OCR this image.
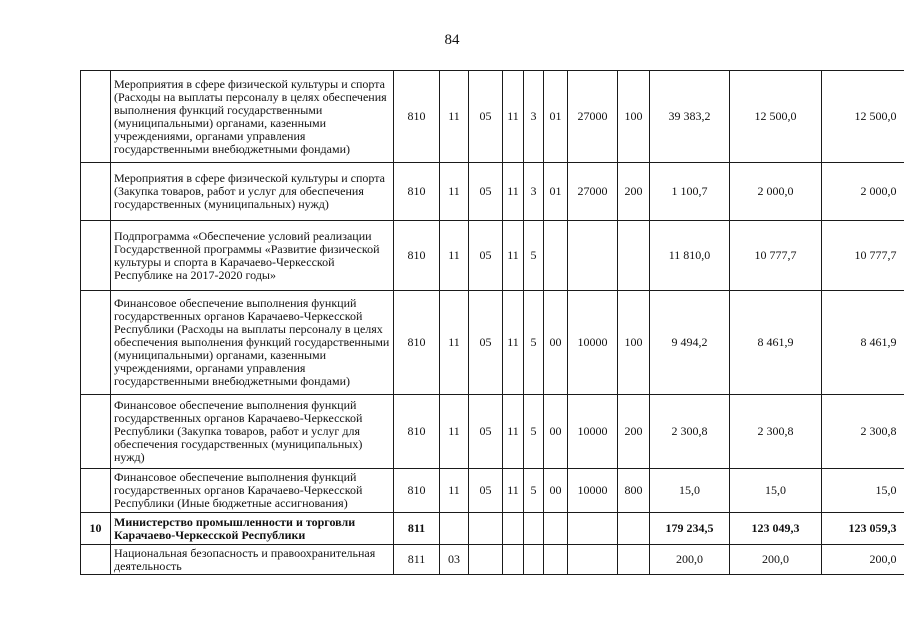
84
	Мероприятия в сфере физической культуры и спорта (Расходы на выплаты персоналу в целях обеспечения выполнения функций государственными (муниципальными) органами, казенными учреждениями, органами управления государственными внебюджетными фондами)	810	11	05	11	3	01	27000	100	39 383,2	12 500,0	12 500,0
	Мероприятия в сфере физической культуры и спорта (Закупка товаров, работ и услуг для обеспечения государственных (муниципальных) нужд)	810	11	05	11	3	01	27000	200	1 100,7	2 000,0	2 000,0
	Подпрограмма «Обеспечение условий реализации Государственной программы «Развитие физической культуры и спорта в Карачаево-Черкесской Республике на 2017-2020 годы»	810	11	05	11	5				11 810,0	10 777,7	10 777,7
	Финансовое обеспечение выполнения функций государственных органов Карачаево-Черкесской Республики (Расходы на выплаты персоналу в целях обеспечения выполнения функций государственными (муниципальными) органами, казенными учреждениями, органами управления государственными внебюджетными фондами)	810	11	05	11	5	00	10000	100	9 494,2	8 461,9	8 461,9
	Финансовое обеспечение выполнения функций государственных органов Карачаево-Черкесской Республики (Закупка товаров, работ и услуг для обеспечения государственных (муниципальных) нужд)	810	11	05	11	5	00	10000	200	2 300,8	2 300,8	2 300,8
	Финансовое обеспечение выполнения функций государственных органов Карачаево-Черкесской Республики (Иные бюджетные ассигнования)	810	11	05	11	5	00	10000	800	15,0	15,0	15,0
10	Министерство промышленности и торговли Карачаево-Черкесской Республики	811								179 234,5	123 049,3	123 059,3
	Национальная безопасность и правоохранительная деятельность	811	03							200,0	200,0	200,0
